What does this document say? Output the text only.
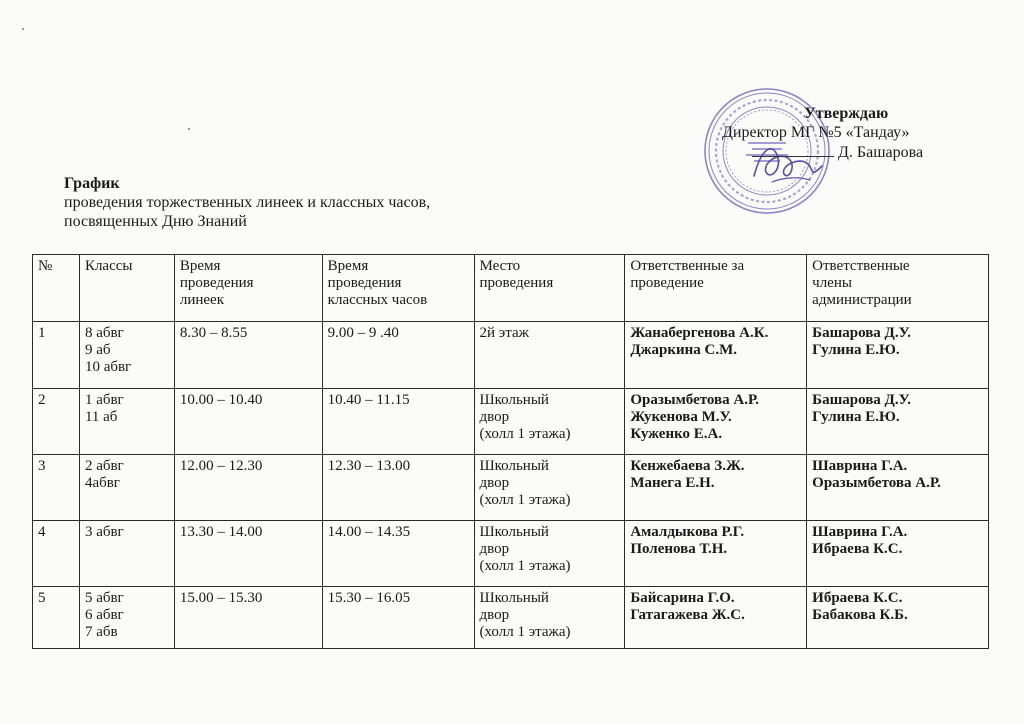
Утверждаю
Директор МГ №5 «Тандау»
Д. Башарова
График
проведения торжественных линеек и классных часов,
посвященных Дню Знаний
№	Классы	Время
проведения
линеек	Время
проведения
классных часов	Место
проведения	Ответственные за
проведение	Ответственные
члены
администрации
1	8 абвг
9 аб
10 абвг	8.30 – 8.55	9.00 – 9 .40	2й этаж	Жанабергенова А.К.
Джаркина С.М.	Башарова Д.У.
Гулина Е.Ю.
2	1 абвг
11 аб	10.00 – 10.40	10.40 – 11.15	Школьный
двор
(холл 1 этажа)	Оразымбетова А.Р.
Жукенова М.У.
Куженко Е.А.	Башарова Д.У.
Гулина Е.Ю.
3	2 абвг
4абвг	12.00 – 12.30	12.30 – 13.00	Школьный
двор
(холл 1 этажа)	Кенжебаева З.Ж.
Манега Е.Н.	Шаврина Г.А.
Оразымбетова А.Р.
4	3 абвг	13.30 – 14.00	14.00 – 14.35	Школьный
двор
(холл 1 этажа)	Амалдыкова Р.Г.
Поленова Т.Н.	Шаврина Г.А.
Ибраева К.С.
5	5 абвг
6 абвг
7 абв	15.00 – 15.30	15.30 – 16.05	Школьный
двор
(холл 1 этажа)	Байсарина Г.О.
Гатагажева Ж.С.	Ибраева К.С.
Бабакова К.Б.
